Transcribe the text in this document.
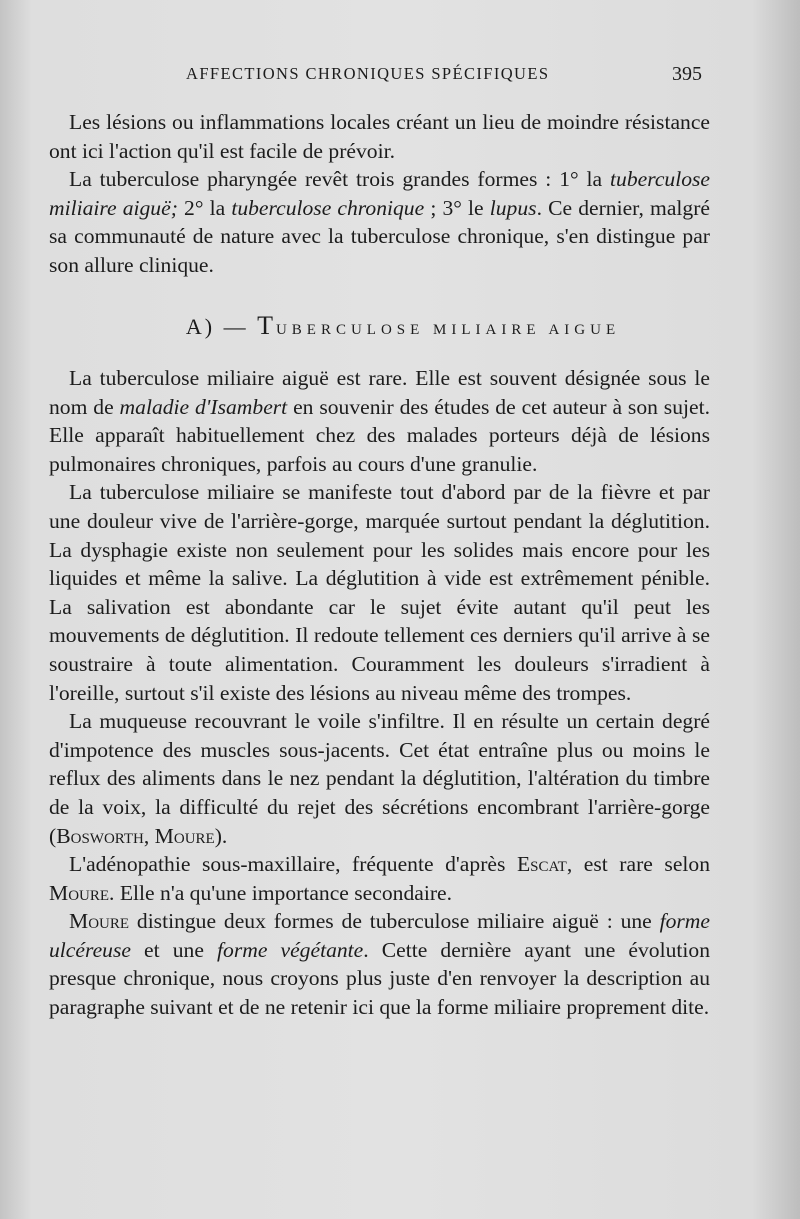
AFFECTIONS CHRONIQUES SPÉCIFIQUES	395

Les lésions ou inflammations locales créant un lieu de moindre résistance ont ici l'action qu'il est facile de prévoir.

La tuberculose pharyngée revêt trois grandes formes : 1° la tuberculose miliaire aiguë; 2° la tuberculose chronique ; 3° le lupus. Ce dernier, malgré sa communauté de nature avec la tuberculose chronique, s'en distingue par son allure clinique.

A) — TUBERCULOSE MILIAIRE AIGUE

La tuberculose miliaire aiguë est rare. Elle est souvent désignée sous le nom de maladie d'Isambert en souvenir des études de cet auteur à son sujet. Elle apparaît habituellement chez des malades porteurs déjà de lésions pulmonaires chroniques, parfois au cours d'une granulie.

La tuberculose miliaire se manifeste tout d'abord par de la fièvre et par une douleur vive de l'arrière-gorge, marquée surtout pendant la déglutition. La dysphagie existe non seulement pour les solides mais encore pour les liquides et même la salive. La déglutition à vide est extrêmement pénible. La salivation est abondante car le sujet évite autant qu'il peut les mouvements de déglutition. Il redoute tellement ces derniers qu'il arrive à se soustraire à toute alimentation. Couramment les douleurs s'irradient à l'oreille, surtout s'il existe des lésions au niveau même des trompes.

La muqueuse recouvrant le voile s'infiltre. Il en résulte un certain degré d'impotence des muscles sous-jacents. Cet état entraîne plus ou moins le reflux des aliments dans le nez pendant la déglutition, l'altération du timbre de la voix, la difficulté du rejet des sécrétions encombrant l'arrière-gorge (Bosworth, Moure).

L'adénopathie sous-maxillaire, fréquente d'après Escat, est rare selon Moure. Elle n'a qu'une importance secondaire.

Moure distingue deux formes de tuberculose miliaire aiguë : une forme ulcéreuse et une forme végétante. Cette dernière ayant une évolution presque chronique, nous croyons plus juste d'en renvoyer la description au paragraphe suivant et de ne retenir ici que la forme miliaire proprement dite.
